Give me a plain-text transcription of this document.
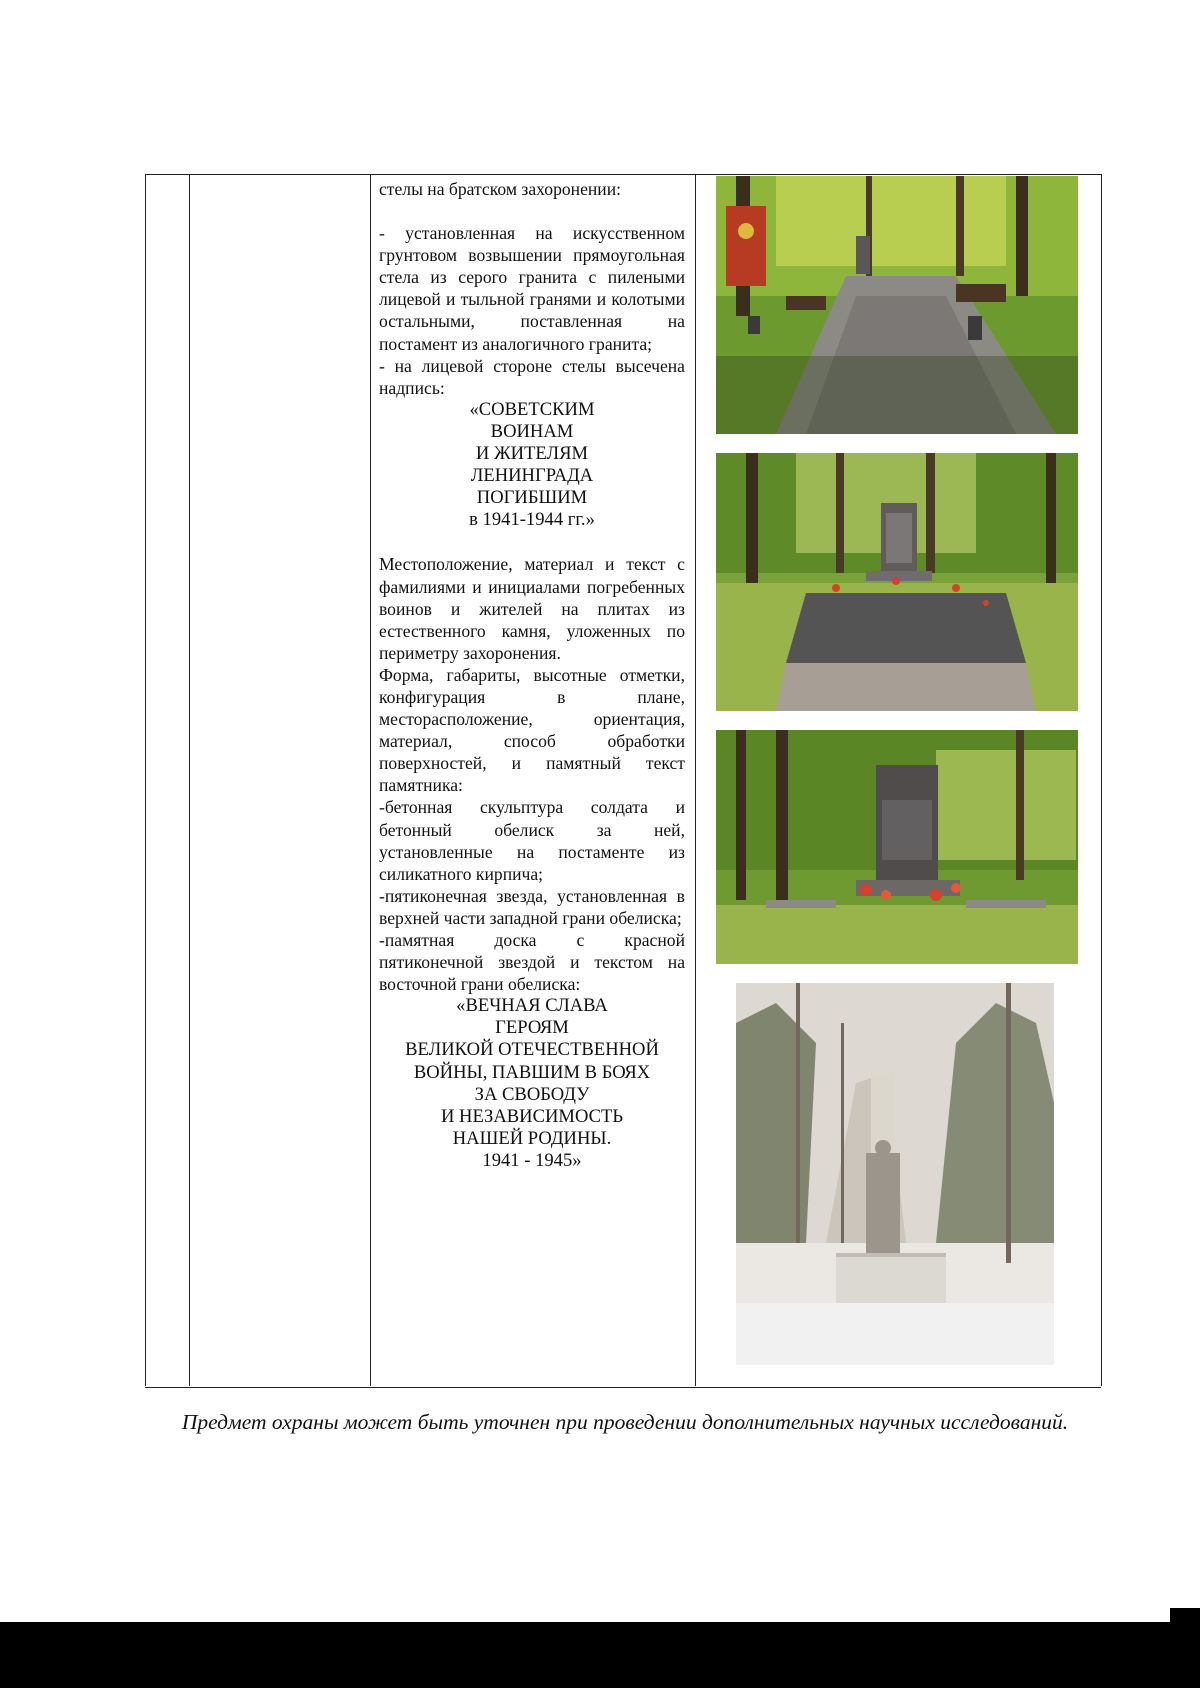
стелы на братском захоронении:

- установленная на искусственном грунтовом возвышении прямоугольная стела из серого гранита с пилеными лицевой и тыльной гранями и колотыми остальными, поставленная на постамент из аналогичного гранита;

- на лицевой стороне стелы высечена надпись:

«СОВЕТСКИМ
ВОИНАМ
И ЖИТЕЛЯМ
ЛЕНИНГРАДА
ПОГИБШИМ
в 1941-1944 гг.»

Местоположение, материал и текст с фамилиями и инициалами погребенных воинов и жителей на плитах из естественного камня, уложенных по периметру захоронения.

Форма, габариты, высотные отметки, конфигурация в плане, месторасположение, ориентация, материал, способ обработки поверхностей, и памятный текст памятника:

-бетонная скульптура солдата и бетонный обелиск за ней, установленные на постаменте из силикатного кирпича;

-пятиконечная звезда, установленная в верхней части западной грани обелиска;

-памятная доска с красной пятиконечной звездой и текстом на восточной грани обелиска:

«ВЕЧНАЯ СЛАВА
ГЕРОЯМ
ВЕЛИКОЙ ОТЕЧЕСТВЕННОЙ
ВОЙНЫ, ПАВШИМ В БОЯХ
ЗА СВОБОДУ
И НЕЗАВИСИМОСТЬ
НАШЕЙ РОДИНЫ.
1941 - 1945»
Предмет охраны может быть уточнен при проведении дополнительных научных исследований.
